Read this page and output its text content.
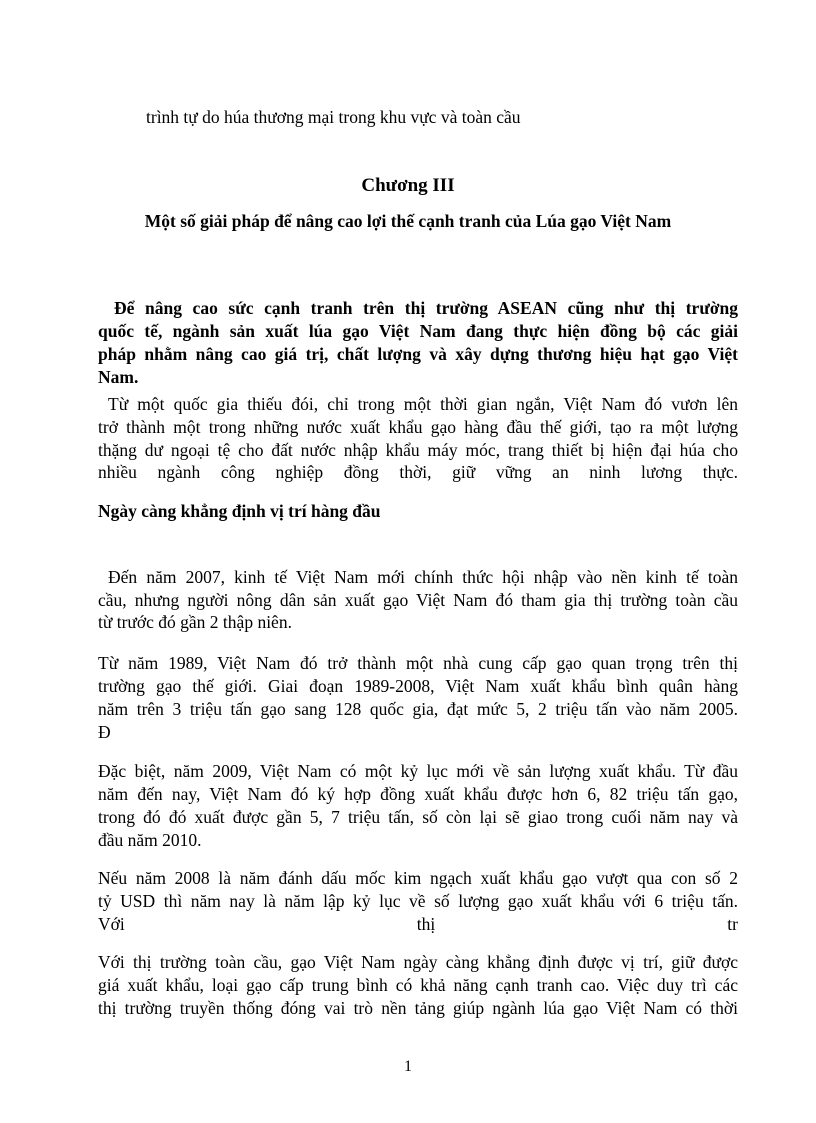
trình tự do húa thương mại trong khu vực và toàn cầu
Chương III
Một số giải pháp để nâng cao lợi thế cạnh tranh của Lúa gạo Việt Nam
Để nâng cao sức cạnh tranh trên thị trường ASEAN cũng như thị trường
quốc tế, ngành sản xuất lúa gạo Việt Nam đang thực hiện đồng bộ các giải
pháp nhằm nâng cao giá trị, chất lượng và xây dựng thương hiệu hạt gạo Việt
Nam.
Từ một quốc gia thiếu đói, chỉ trong một thời gian ngắn, Việt Nam đó vươn lên
trở thành một trong những nước xuất khẩu gạo hàng đầu thế giới, tạo ra một lượng
thặng dư ngoại tệ cho đất nước nhập khẩu máy móc, trang thiết bị hiện đại húa cho
nhiều ngành công nghiệp đồng thời, giữ vững an ninh lương thực.
Ngày càng khẳng định vị trí hàng đầu
Đến năm 2007, kinh tế Việt Nam mới chính thức hội nhập vào nền kinh tế toàn
cầu, nhưng người nông dân sản xuất gạo Việt Nam đó tham gia thị trường toàn cầu
từ trước đó gần 2 thập niên.
Từ năm 1989, Việt Nam đó trở thành một nhà cung cấp gạo quan trọng trên thị
trường gạo thế giới. Giai đoạn 1989-2008, Việt Nam xuất khẩu bình quân hàng
năm trên 3 triệu tấn gạo sang 128 quốc gia, đạt mức 5, 2 triệu tấn vào năm 2005.
Đ
Đặc biệt, năm 2009, Việt Nam có một kỷ lục mới về sản lượng xuất khẩu. Từ đầu
năm đến nay, Việt Nam đó ký hợp đồng xuất khẩu được hơn 6, 82 triệu tấn gạo,
trong đó đó xuất được gần 5, 7 triệu tấn, số còn lại sẽ giao trong cuối năm nay và
đầu năm 2010.
Nếu năm 2008 là năm đánh dấu mốc kim ngạch xuất khẩu gạo vượt qua con số 2
tỷ USD thì năm nay là năm lập kỷ lục về số lượng gạo xuất khẩu với 6 triệu tấn.
Với thị tr
Với thị trường toàn cầu, gạo Việt Nam ngày càng khẳng định được vị trí, giữ được
giá xuất khẩu, loại gạo cấp trung bình có khả năng cạnh tranh cao. Việc duy trì các
thị trường truyền thống đóng vai trò nền tảng giúp ngành lúa gạo Việt Nam có thời
1
